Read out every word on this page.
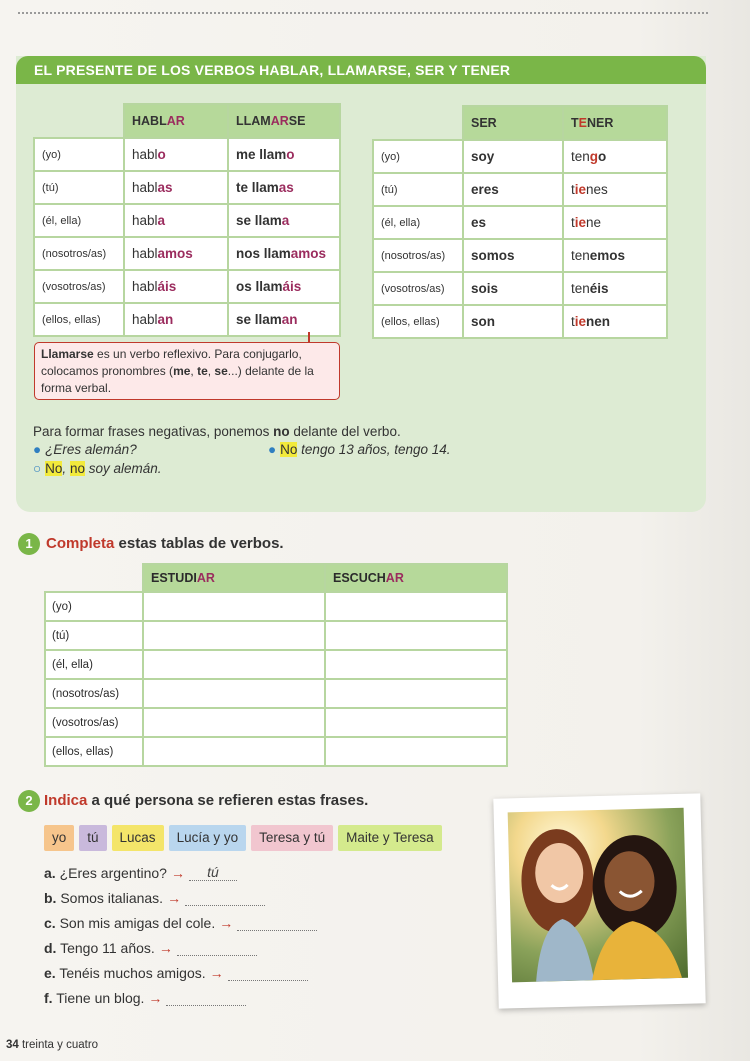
EL PRESENTE DE LOS VERBOS HABLAR, LLAMARSE, SER Y TENER
	HABLAR	LLAMARSE
(yo)	hablo	me llamo
(tú)	hablas	te llamas
(él, ella)	habla	se llama
(nosotros/as)	hablamos	nos llamamos
(vosotros/as)	habláis	os llamáis
(ellos, ellas)	hablan	se llaman
	SER	TENER
(yo)	soy	tengo
(tú)	eres	tienes
(él, ella)	es	tiene
(nosotros/as)	somos	tenemos
(vosotros/as)	sois	tenéis
(ellos, ellas)	son	tienen
Llamarse es un verbo reflexivo. Para conjugarlo, colocamos pronombres (me, te, se...) delante de la forma verbal.
Para formar frases negativas, ponemos no delante del verbo.
● ¿Eres alemán?
○ No, no soy alemán.
● No tengo 13 años, tengo 14.
1 Completa estas tablas de verbos.
	ESTUDIAR	ESCUCHAR
(yo)		
(tú)		
(él, ella)		
(nosotros/as)		
(vosotros/as)		
(ellos, ellas)		
2 Indica a qué persona se refieren estas frases.
yo	tú	Lucas	Lucía y yo	Teresa y tú	Maite y Teresa
a. ¿Eres argentino? → tú
b. Somos italianas. →
c. Son mis amigas del cole. →
d. Tengo 11 años. →
e. Tenéis muchos amigos. →
f. Tiene un blog. →
34 treinta y cuatro
